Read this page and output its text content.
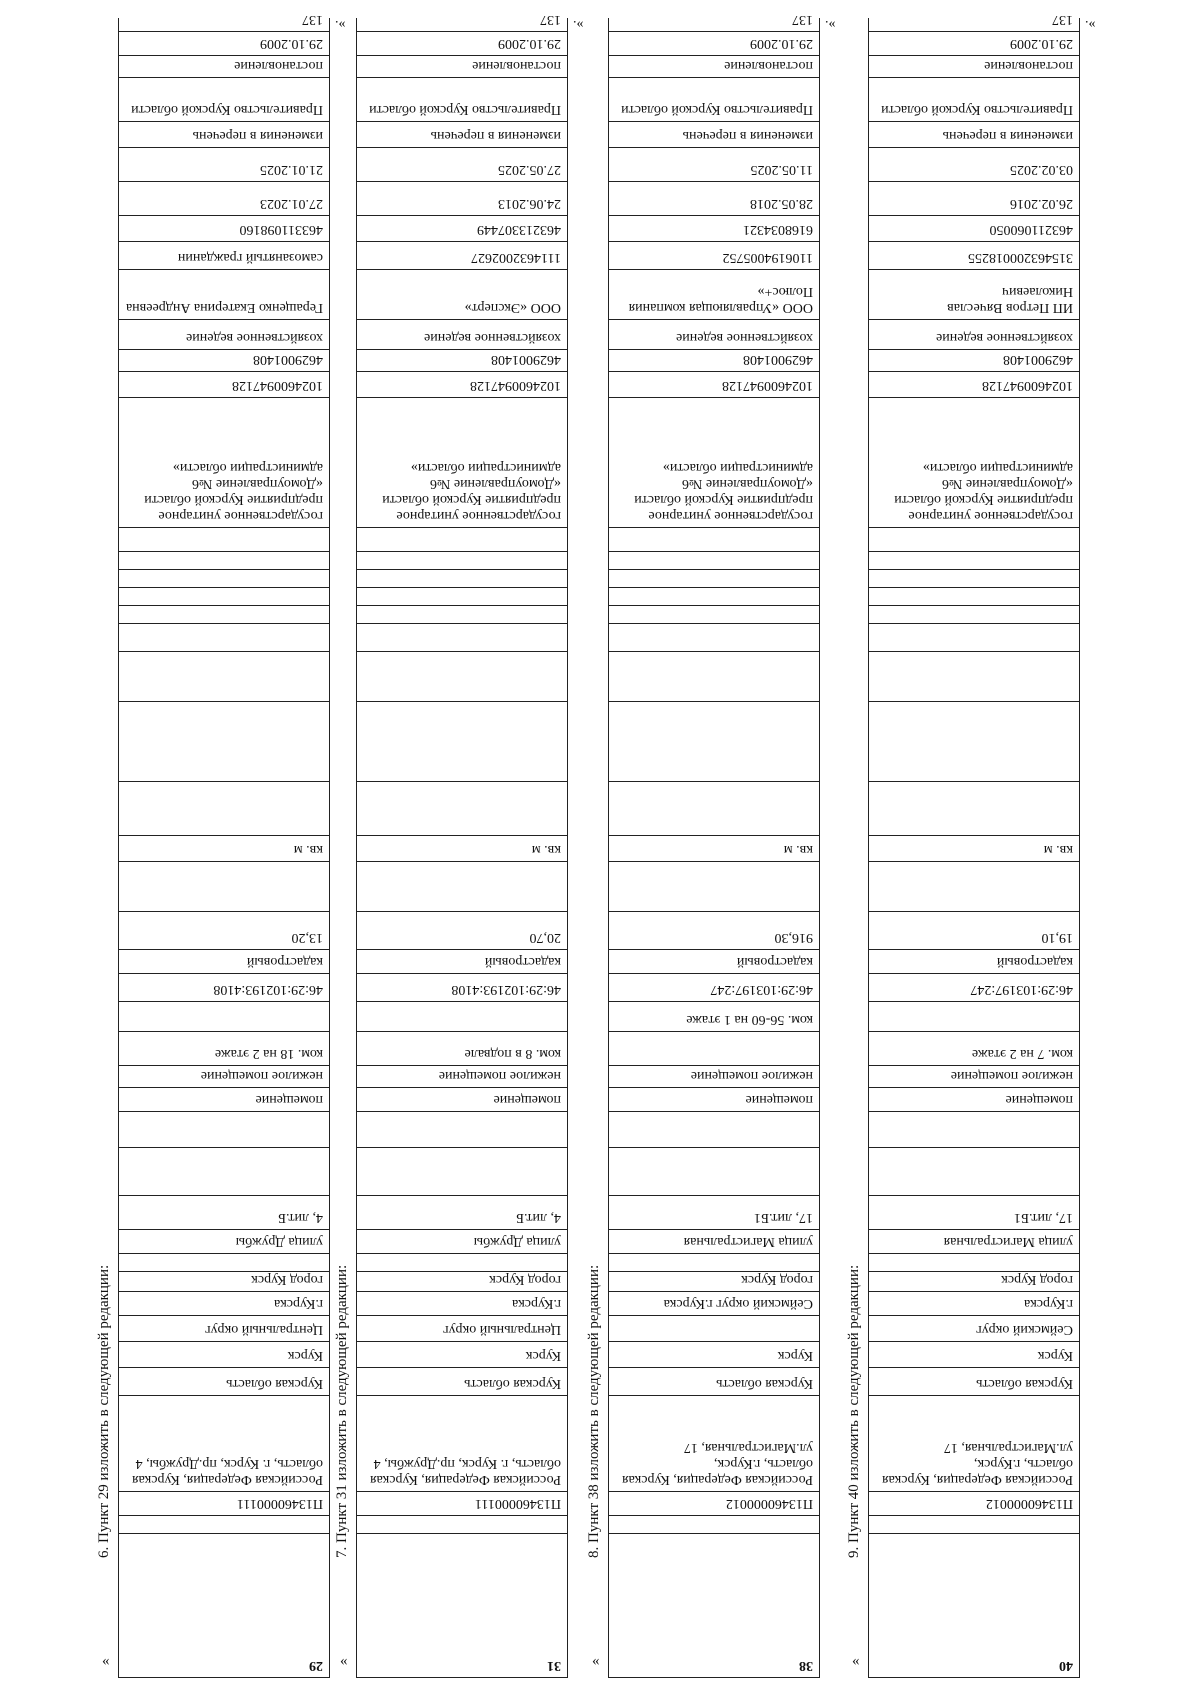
6. Пункт 29 изложить в следующей редакции:
«
».
137
29.10.2009
постановление
Правительство Курской области
изменения в перечень
21.01.2025
27.01.2023
463311098160
самозанятый гражданин
Геращенко Екатерина Андреевна
хозяйственное ведение
4629001408
1024600947128
государственное унитарное предприятие Курской области «Домоуправление №6 администрации области»
кв. м
13,20
кадастровый
46:29:102193:4108
ком. 18 на 2 этаже
нежилое помещение
помещение
4, лит.Б
улица Дружбы
город Курск
г.Курска
Центральный округ
Курск
Курская область
Российская Федерация, Курская область, г. Курск, пр.Дружбы, 4
П13460000111
29
7. Пункт 31 изложить в следующей редакции:
«
».
137
29.10.2009
постановление
Правительство Курской области
изменения в перечень
27.05.2025
24.06.2013
463213307449
1114632002627
ООО «Эксперт»
хозяйственное ведение
4629001408
1024600947128
государственное унитарное предприятие Курской области «Домоуправление №6 администрации области»
кв. м
20,70
кадастровый
46:29:102193:4108
ком. 8 в подвале
нежилое помещение
помещение
4, лит.Б
улица Дружбы
город Курск
г.Курска
Центральный округ
Курск
Курская область
Российская Федерация, Курская область, г. Курск, пр.Дружбы, 4
П13460000111
31
8. Пункт 38 изложить в следующей редакции:
«
».
137
29.10.2009
постановление
Правительство Курской области
изменения в перечень
11.05.2025
28.05.2018
6168034321
1106194005752
ООО «Управляющая компания Полюс+»
хозяйственное ведение
4629001408
1024600947128
государственное унитарное предприятие Курской области «Домоуправление №6 администрации области»
кв. м
916,30
кадастровый
46:29:103197:247
ком. 56-60 на 1 этаже
нежилое помещение
помещение
17, лит.Б1
улица Магистральная
город Курск
Сеймский округ г.Курска
Курск
Курская область
Российская Федерация, Курская область, г.Курск, ул.Магистральная, 17
П13460000012
38
9. Пункт 40 изложить в следующей редакции:
«
».
137
29.10.2009
постановление
Правительство Курской области
изменения в перечень
03.02.2025
26.02.2016
463211060050
315463200018255
ИП Петров Вячеслав Николаевич
хозяйственное ведение
4629001408
1024600947128
государственное унитарное предприятие Курской области «Домоуправление №6 администрации области»
кв. м
19,10
кадастровый
46:29:103197:247
ком. 7 на 2 этаже
нежилое помещение
помещение
17, лит.Б1
улица Магистральная
город Курск
г.Курска
Сеймский округ
Курск
Курская область
Российская Федерация, Курская область, г.Курск, ул.Магистральная, 17
П13460000012
40
